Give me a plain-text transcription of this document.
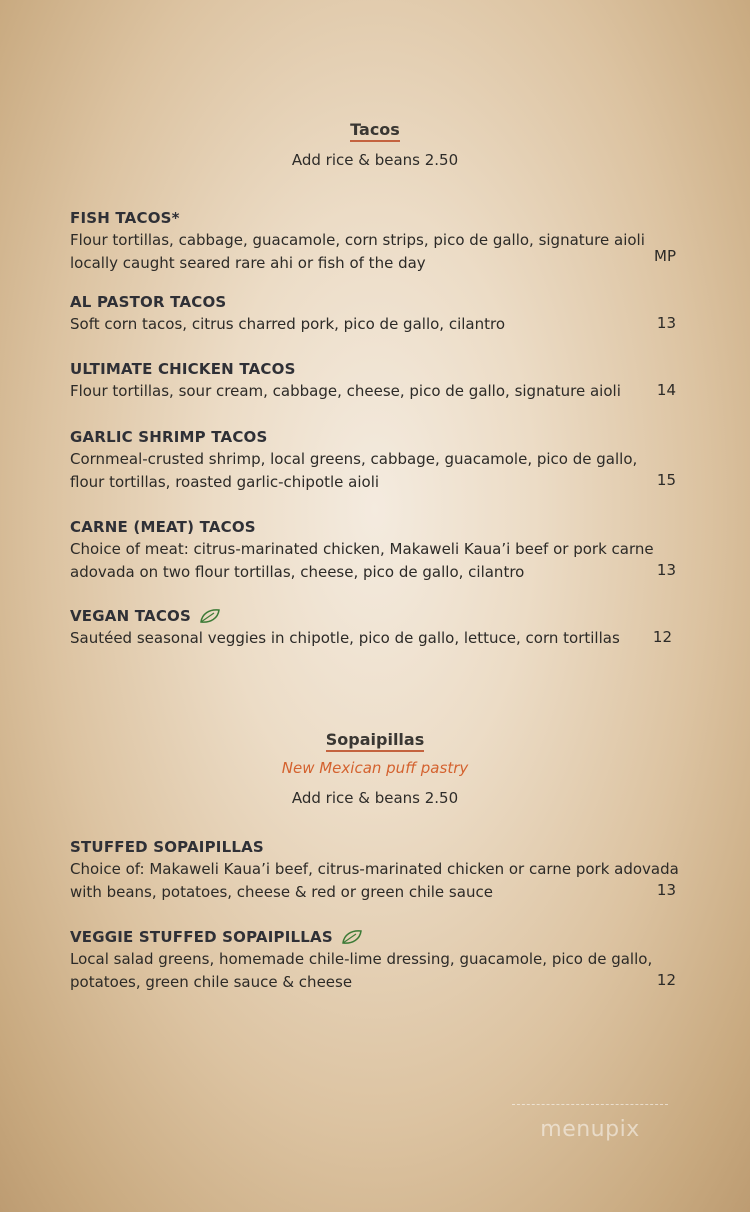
Tacos
Add rice & beans 2.50
FISH TACOS*
Flour tortillas, cabbage, guacamole, corn strips, pico de gallo, signature aioli
locally caught seared rare ahi or fish of the day	MP
AL PASTOR TACOS
Soft corn tacos, citrus charred pork, pico de gallo, cilantro	13
ULTIMATE CHICKEN TACOS
Flour tortillas, sour cream, cabbage, cheese, pico de gallo, signature aioli	14
GARLIC SHRIMP TACOS
Cornmeal-crusted shrimp, local greens, cabbage, guacamole, pico de gallo,
flour tortillas, roasted garlic-chipotle aioli	15
CARNE (MEAT) TACOS
Choice of meat: citrus-marinated chicken, Makaweli Kaua’i beef or pork carne
adovada on two flour tortillas, cheese, pico de gallo, cilantro	13
VEGAN TACOS
Sautéed seasonal veggies in chipotle, pico de gallo, lettuce, corn tortillas	12
Sopaipillas
New Mexican puff pastry
Add rice & beans 2.50
STUFFED SOPAIPILLAS
Choice of: Makaweli Kaua’i beef, citrus-marinated chicken or carne pork adovada
with beans, potatoes, cheese & red or green chile sauce	13
VEGGIE STUFFED SOPAIPILLAS
Local salad greens, homemade chile-lime dressing, guacamole, pico de gallo,
potatoes, green chile sauce & cheese	12
menupix
